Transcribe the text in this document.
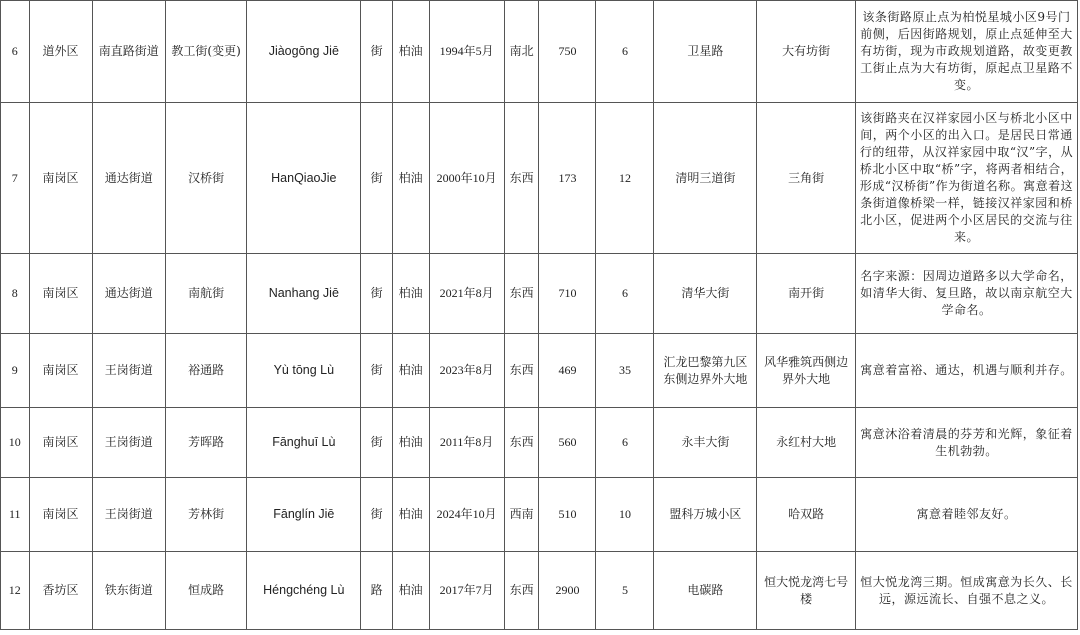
6	道外区	南直路街道	教工街(变更)	Jiàogōng Jiē	街	柏油	1994年5月	南北	750	6	卫星路	大有坊街	该条街路原止点为柏悦星城小区9号门前侧，后因街路规划，原止点延伸至大有坊街，现为市政规划道路，故变更教工街止点为大有坊街，原起点卫星路不变。
7	南岗区	通达街道	汉桥街	HanQiaoJie	街	柏油	2000年10月	东西	173	12	清明三道街	三角街	该街路夹在汉祥家园小区与桥北小区中间，两个小区的出入口。是居民日常通行的纽带，从汉祥家园中取“汉”字，从桥北小区中取“桥”字，将两者相结合，形成“汉桥街”作为街道名称。寓意着这条街道像桥梁一样，链接汉祥家园和桥北小区，促进两个小区居民的交流与往来。
8	南岗区	通达街道	南航街	Nanhang Jiē	街	柏油	2021年8月	东西	710	6	清华大街	南开街	名字来源：因周边道路多以大学命名，如清华大街、复旦路，故以南京航空大学命名。
9	南岗区	王岗街道	裕通路	Yù tōng Lù	街	柏油	2023年8月	东西	469	35	汇龙巴黎第九区东侧边界外大地	风华雅筑西侧边界外大地	寓意着富裕、通达，机遇与顺利并存。
10	南岗区	王岗街道	芳晖路	Fānghuī Lù	街	柏油	2011年8月	东西	560	6	永丰大街	永红村大地	寓意沐浴着清晨的芬芳和光辉，象征着生机勃勃。
11	南岗区	王岗街道	芳林街	Fānglín Jiē	街	柏油	2024年10月	西南	510	10	盟科万城小区	哈双路	寓意着睦邻友好。
12	香坊区	铁东街道	恒成路	Héngchéng Lù	路	柏油	2017年7月	东西	2900	5	电碳路	恒大悦龙湾七号楼	恒大悦龙湾三期。恒成寓意为长久、长远，源远流长、自强不息之义。
